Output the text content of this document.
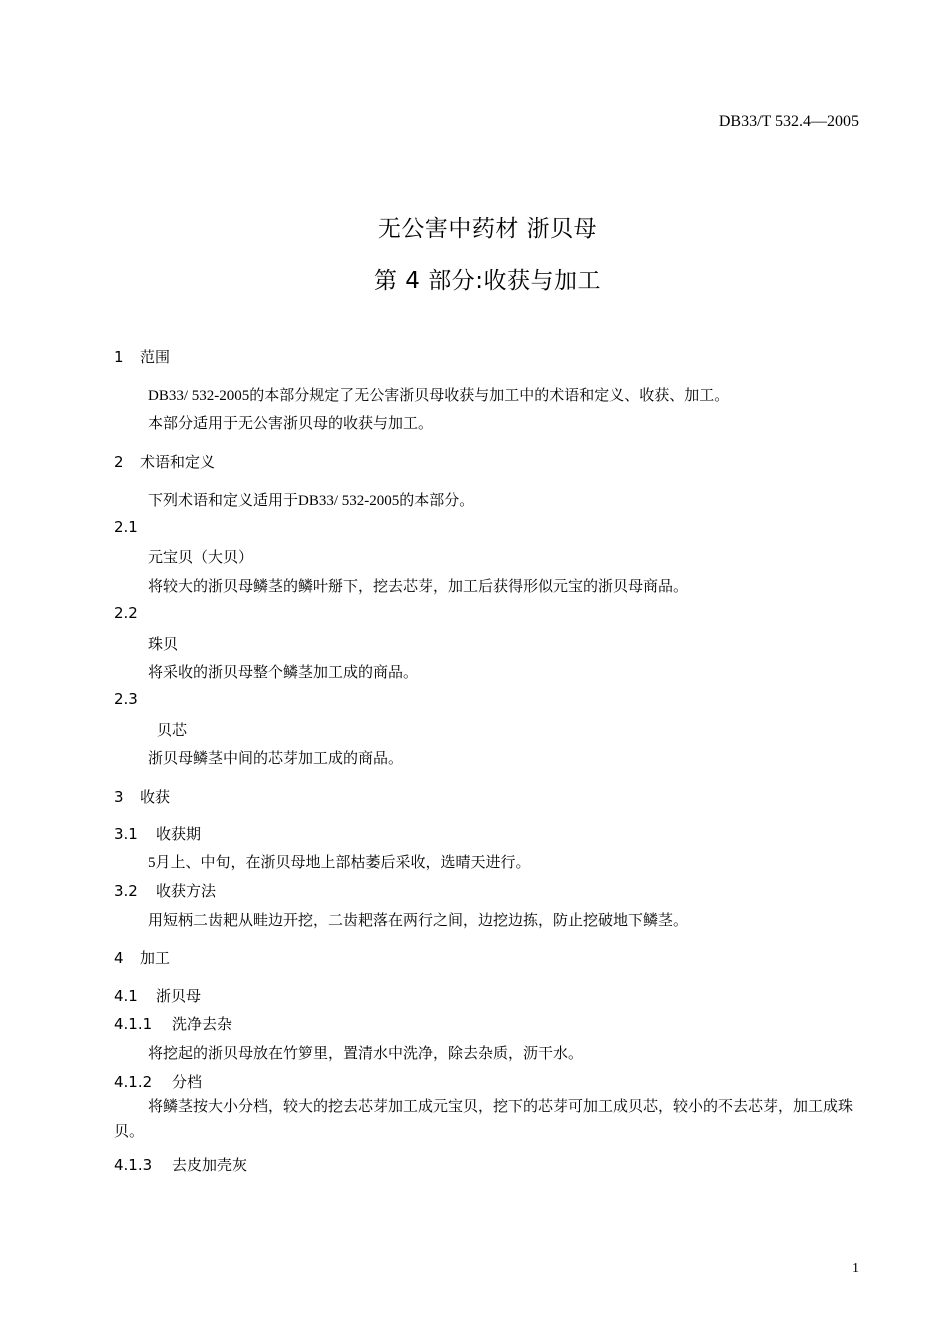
DB33/T 532.4—2005
无公害中药材 浙贝母
第 4 部分:收获与加工
1 范围
DB33/ 532-2005的本部分规定了无公害浙贝母收获与加工中的术语和定义、收获、加工。
本部分适用于无公害浙贝母的收获与加工。
2 术语和定义
下列术语和定义适用于DB33/ 532-2005的本部分。
2.1
元宝贝（大贝）
将较大的浙贝母鳞茎的鳞叶掰下，挖去芯芽，加工后获得形似元宝的浙贝母商品。
2.2
珠贝
将采收的浙贝母整个鳞茎加工成的商品。
2.3
贝芯
浙贝母鳞茎中间的芯芽加工成的商品。
3 收获
3.1 收获期
5月上、中旬，在浙贝母地上部枯萎后采收，选晴天进行。
3.2 收获方法
用短柄二齿耙从畦边开挖，二齿耙落在两行之间，边挖边拣，防止挖破地下鳞茎。
4 加工
4.1 浙贝母
4.1.1 洗净去杂
将挖起的浙贝母放在竹箩里，置清水中洗净，除去杂质，沥干水。
4.1.2 分档
将鳞茎按大小分档，较大的挖去芯芽加工成元宝贝，挖下的芯芽可加工成贝芯，较小的不去芯芽，加工成珠贝。
4.1.3 去皮加壳灰
1
